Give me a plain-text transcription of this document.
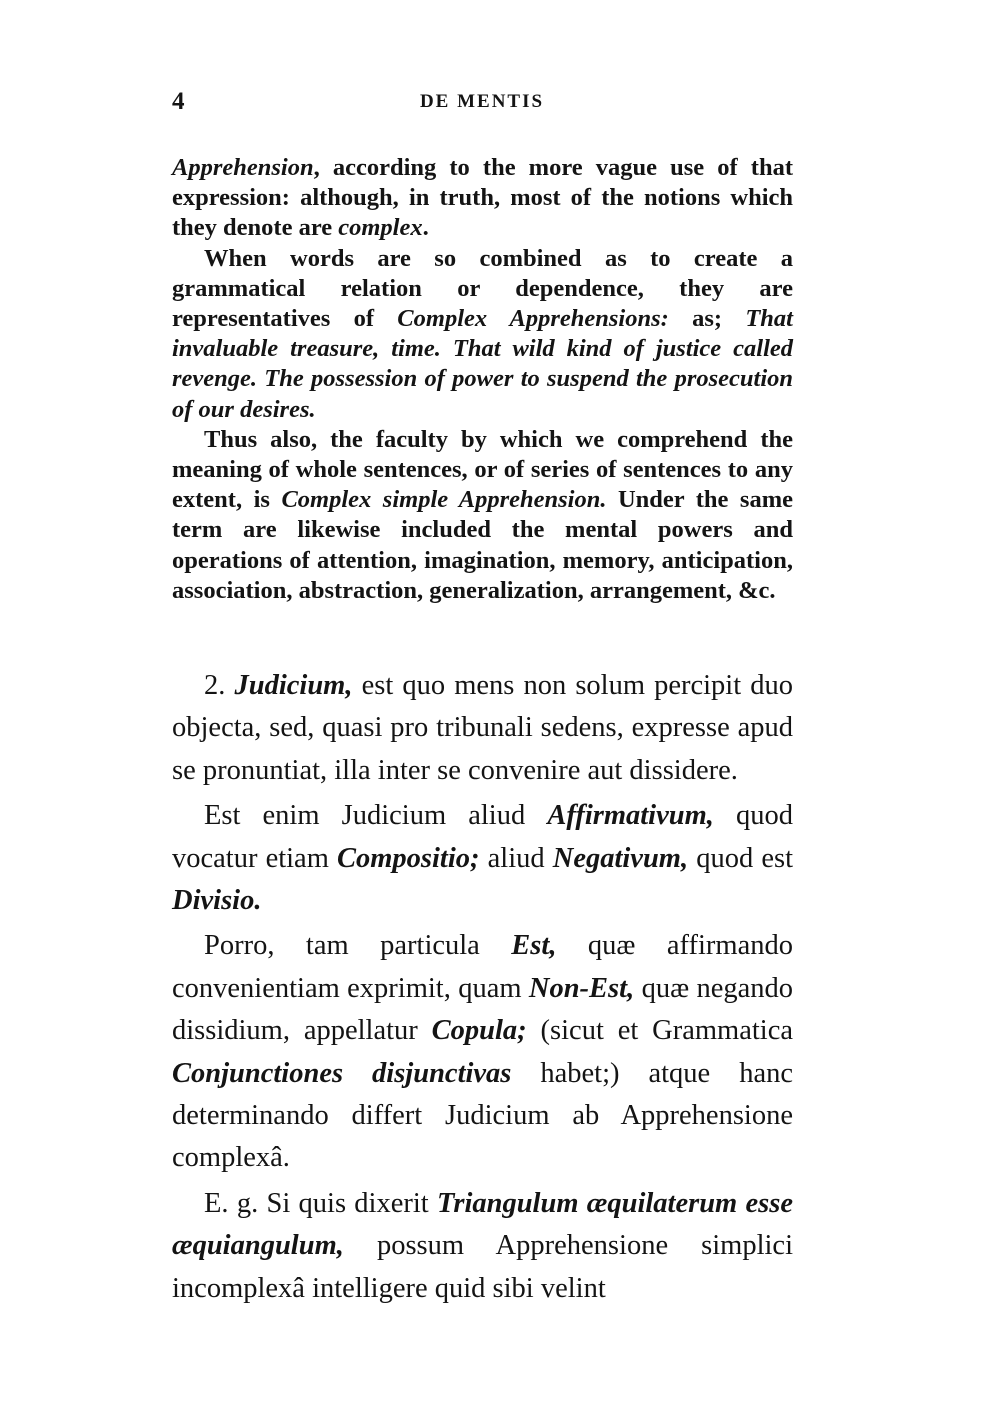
4	DE MENTIS

Apprehension, according to the more vague use of that expression: although, in truth, most of the notions which they denote are complex.

When words are so combined as to create a grammatical relation or dependence, they are representatives of Complex Apprehensions: as; That invaluable treasure, time. That wild kind of justice called revenge. The possession of power to suspend the prosecution of our desires.

Thus also, the faculty by which we comprehend the meaning of whole sentences, or of series of sentences to any extent, is Complex simple Apprehension. Under the same term are likewise included the mental powers and operations of attention, imagination, memory, anticipation, association, abstraction, generalization, arrangement, &c.

2. Judicium, est quo mens non solum percipit duo objecta, sed, quasi pro tribunali sedens, expresse apud se pronuntiat, illa inter se convenire aut dissidere.

Est enim Judicium aliud Affirmativum, quod vocatur etiam Compositio; aliud Negativum, quod est Divisio.

Porro, tam particula Est, quæ affirmando convenientiam exprimit, quam Non-Est, quæ negando dissidium, appellatur Copula; (sicut et Grammatica Conjunctiones disjunctivas habet;) atque hanc determinando differt Judicium ab Apprehensione complexâ.

E. g. Si quis dixerit Triangulum æquilaterum esse æquiangulum, possum Apprehensione simplici incomplexâ intelligere quid sibi velint
